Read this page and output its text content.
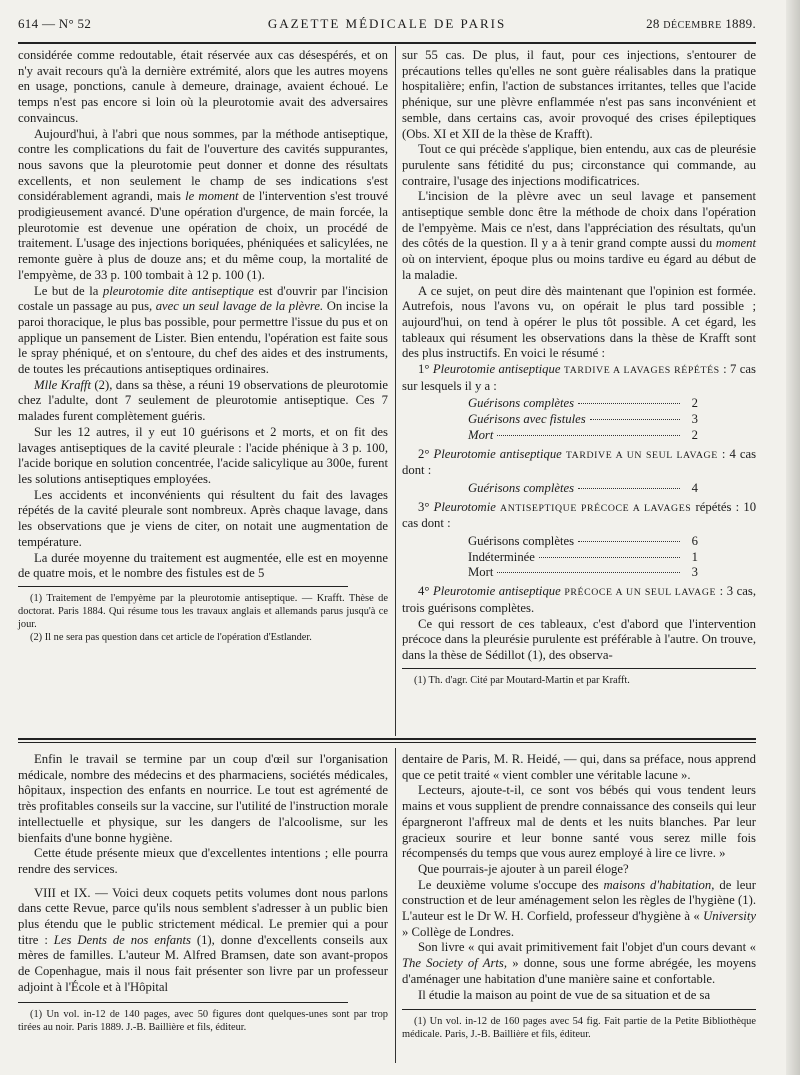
614 — N° 52	GAZETTE MÉDICALE DE PARIS	28 DÉCEMBRE 1889.

considérée comme redoutable, était réservée aux cas désespérés, et on n'y avait recours qu'à la dernière extrémité, alors que les autres moyens en usage, ponctions, canule à demeure, drainage, avaient échoué. Le temps n'est pas encore si loin où la pleurotomie avait des adversaires convaincus.

Aujourd'hui, à l'abri que nous sommes, par la méthode antiseptique, contre les complications du fait de l'ouverture des cavités suppurantes, nous savons que la pleurotomie peut donner et donne des résultats excellents, et non seulement le champ de ses indications s'est considérablement agrandi, mais le moment de l'intervention s'est trouvé prodigieusement avancé. D'une opération d'urgence, de main forcée, la pleurotomie est devenue une opération de choix, un procédé de traitement. L'usage des injections boriquées, phéniquées et salicylées, ne remonte guère à plus de douze ans; et du même coup, la mortalité de l'empyème, de 33 p. 100 tombait à 12 p. 100 (1).

Le but de la pleurotomie dite antiseptique est d'ouvrir par l'incision costale un passage au pus, avec un seul lavage de la plèvre. On incise la paroi thoracique, le plus bas possible, pour permettre l'issue du pus et on applique un pansement de Lister. Bien entendu, l'opération est faite sous le spray phéniqué, et on s'entoure, du chef des aides et des instruments, de toutes les précautions antiseptiques ordinaires.

Mlle Krafft (2), dans sa thèse, a réuni 19 observations de pleurotomie chez l'adulte, dont 7 seulement de pleurotomie antiseptique. Ces 7 malades furent complètement guéris.

Sur les 12 autres, il y eut 10 guérisons et 2 morts, et on fit des lavages antiseptiques de la cavité pleurale : l'acide phénique à 3 p. 100, l'acide borique en solution concentrée, l'acide salicylique au 300e, furent les solutions antiseptiques employées.

Les accidents et inconvénients qui résultent du fait des lavages répétés de la cavité pleurale sont nombreux. Après chaque lavage, dans les observations que je viens de citer, on notait une augmentation de température.

La durée moyenne du traitement est augmentée, elle est en moyenne de quatre mois, et le nombre des fistules est de 5

(1) Traitement de l'empyème par la pleurotomie antiseptique. — Krafft. Thèse de doctorat. Paris 1884. Qui résume tous les travaux anglais et allemands parus jusqu'à ce jour.

(2) Il ne sera pas question dans cet article de l'opération d'Estlander.

sur 55 cas. De plus, il faut, pour ces injections, s'entourer de précautions telles qu'elles ne sont guère réalisables dans la pratique hospitalière; enfin, l'action de substances irritantes, telles que l'acide phénique, sur une plèvre enflammée n'est pas sans inconvénient et semble, dans certains cas, avoir provoqué des crises épileptiques (Obs. XI et XII de la thèse de Krafft).

Tout ce qui précède s'applique, bien entendu, aux cas de pleurésie purulente sans fétidité du pus; circonstance qui commande, au contraire, l'usage des injections modificatrices.

L'incision de la plèvre avec un seul lavage et pansement antiseptique semble donc être la méthode de choix dans l'opération de l'empyème. Mais ce n'est, dans l'appréciation des résultats, qu'un des côtés de la question. Il y a à tenir grand compte aussi du moment où on intervient, époque plus ou moins tardive eu égard au début de la maladie.

A ce sujet, on peut dire dès maintenant que l'opinion est formée. Autrefois, nous l'avons vu, on opérait le plus tard possible ; aujourd'hui, on tend à opérer le plus tôt possible. A cet égard, les tableaux qui résument les observations dans la thèse de Krafft sont des plus instructifs. En voici le résumé :

1° Pleurotomie antiseptique TARDIVE A LAVAGES RÉPÉTÉS : 7 cas sur lesquels il y a :

Guérisons complètes	2
Guérisons avec fistules	3
Mort	2

2° Pleurotomie antiseptique TARDIVE A UN SEUL LAVAGE : 4 cas dont :

Guérisons complètes	4

3° Pleurotomie ANTISEPTIQUE PRÉCOCE A LAVAGES répétés : 10 cas dont :

Guérisons complètes	6
Indéterminée	1
Mort	3

4° Pleurotomie antiseptique PRÉCOCE A UN SEUL LAVAGE : 3 cas, trois guérisons complètes.

Ce qui ressort de ces tableaux, c'est d'abord que l'intervention précoce dans la pleurésie purulente est préférable à l'autre. On trouve, dans la thèse de Sédillot (1), des observa-

(1) Th. d'agr. Cité par Moutard-Martin et par Krafft.

Enfin le travail se termine par un coup d'œil sur l'organisation médicale, nombre des médecins et des pharmaciens, sociétés médicales, hôpitaux, inspection des enfants en nourrice. Le tout est agrémenté de très profitables conseils sur la vaccine, sur l'utilité de l'instruction morale intellectuelle et physique, sur les dangers de l'alcoolisme, sur les bienfaits d'une bonne hygiène.

Cette étude présente mieux que d'excellentes intentions ; elle pourra rendre des services.

VIII et IX. — Voici deux coquets petits volumes dont nous parlons dans cette Revue, parce qu'ils nous semblent s'adresser à un public bien plus étendu que le public strictement médical. Le premier qui a pour titre : Les Dents de nos enfants (1), donne d'excellents conseils aux mères de familles. L'auteur M. Alfred Bramsen, date son avant-propos de Copenhague, mais il nous fait présenter son livre par un professeur adjoint à l'École et à l'Hôpital

(1) Un vol. in-12 de 140 pages, avec 50 figures dont quelques-unes sont par trop tirées au noir. Paris 1889. J.-B. Baillière et fils, éditeur.

dentaire de Paris, M. R. Heidé, — qui, dans sa préface, nous apprend que ce petit traité « vient combler une véritable lacune ».

Lecteurs, ajoute-t-il, ce sont vos bébés qui vous tendent leurs mains et vous supplient de prendre connaissance des conseils qui leur épargneront l'affreux mal de dents et les nuits blanches. Par leur gracieux sourire et leur bonne santé vous serez mille fois récompensés du temps que vous aurez employé à lire ce livre. »

Que pourrais-je ajouter à un pareil éloge?

Le deuxième volume s'occupe des maisons d'habitation, de leur construction et de leur aménagement selon les règles de l'hygiène (1). L'auteur est le Dr W. H. Corfield, professeur d'hygiène à « University » Collège de Londres.

Son livre « qui avait primitivement fait l'objet d'un cours devant « The Society of Arts, » donne, sous une forme abrégée, les moyens d'aménager une habitation d'une manière saine et confortable.

Il étudie la maison au point de vue de sa situation et de sa

(1) Un vol. in-12 de 160 pages avec 54 fig. Fait partie de la Petite Bibliothèque médicale. Paris, J.-B. Baillière et fils, éditeur.
